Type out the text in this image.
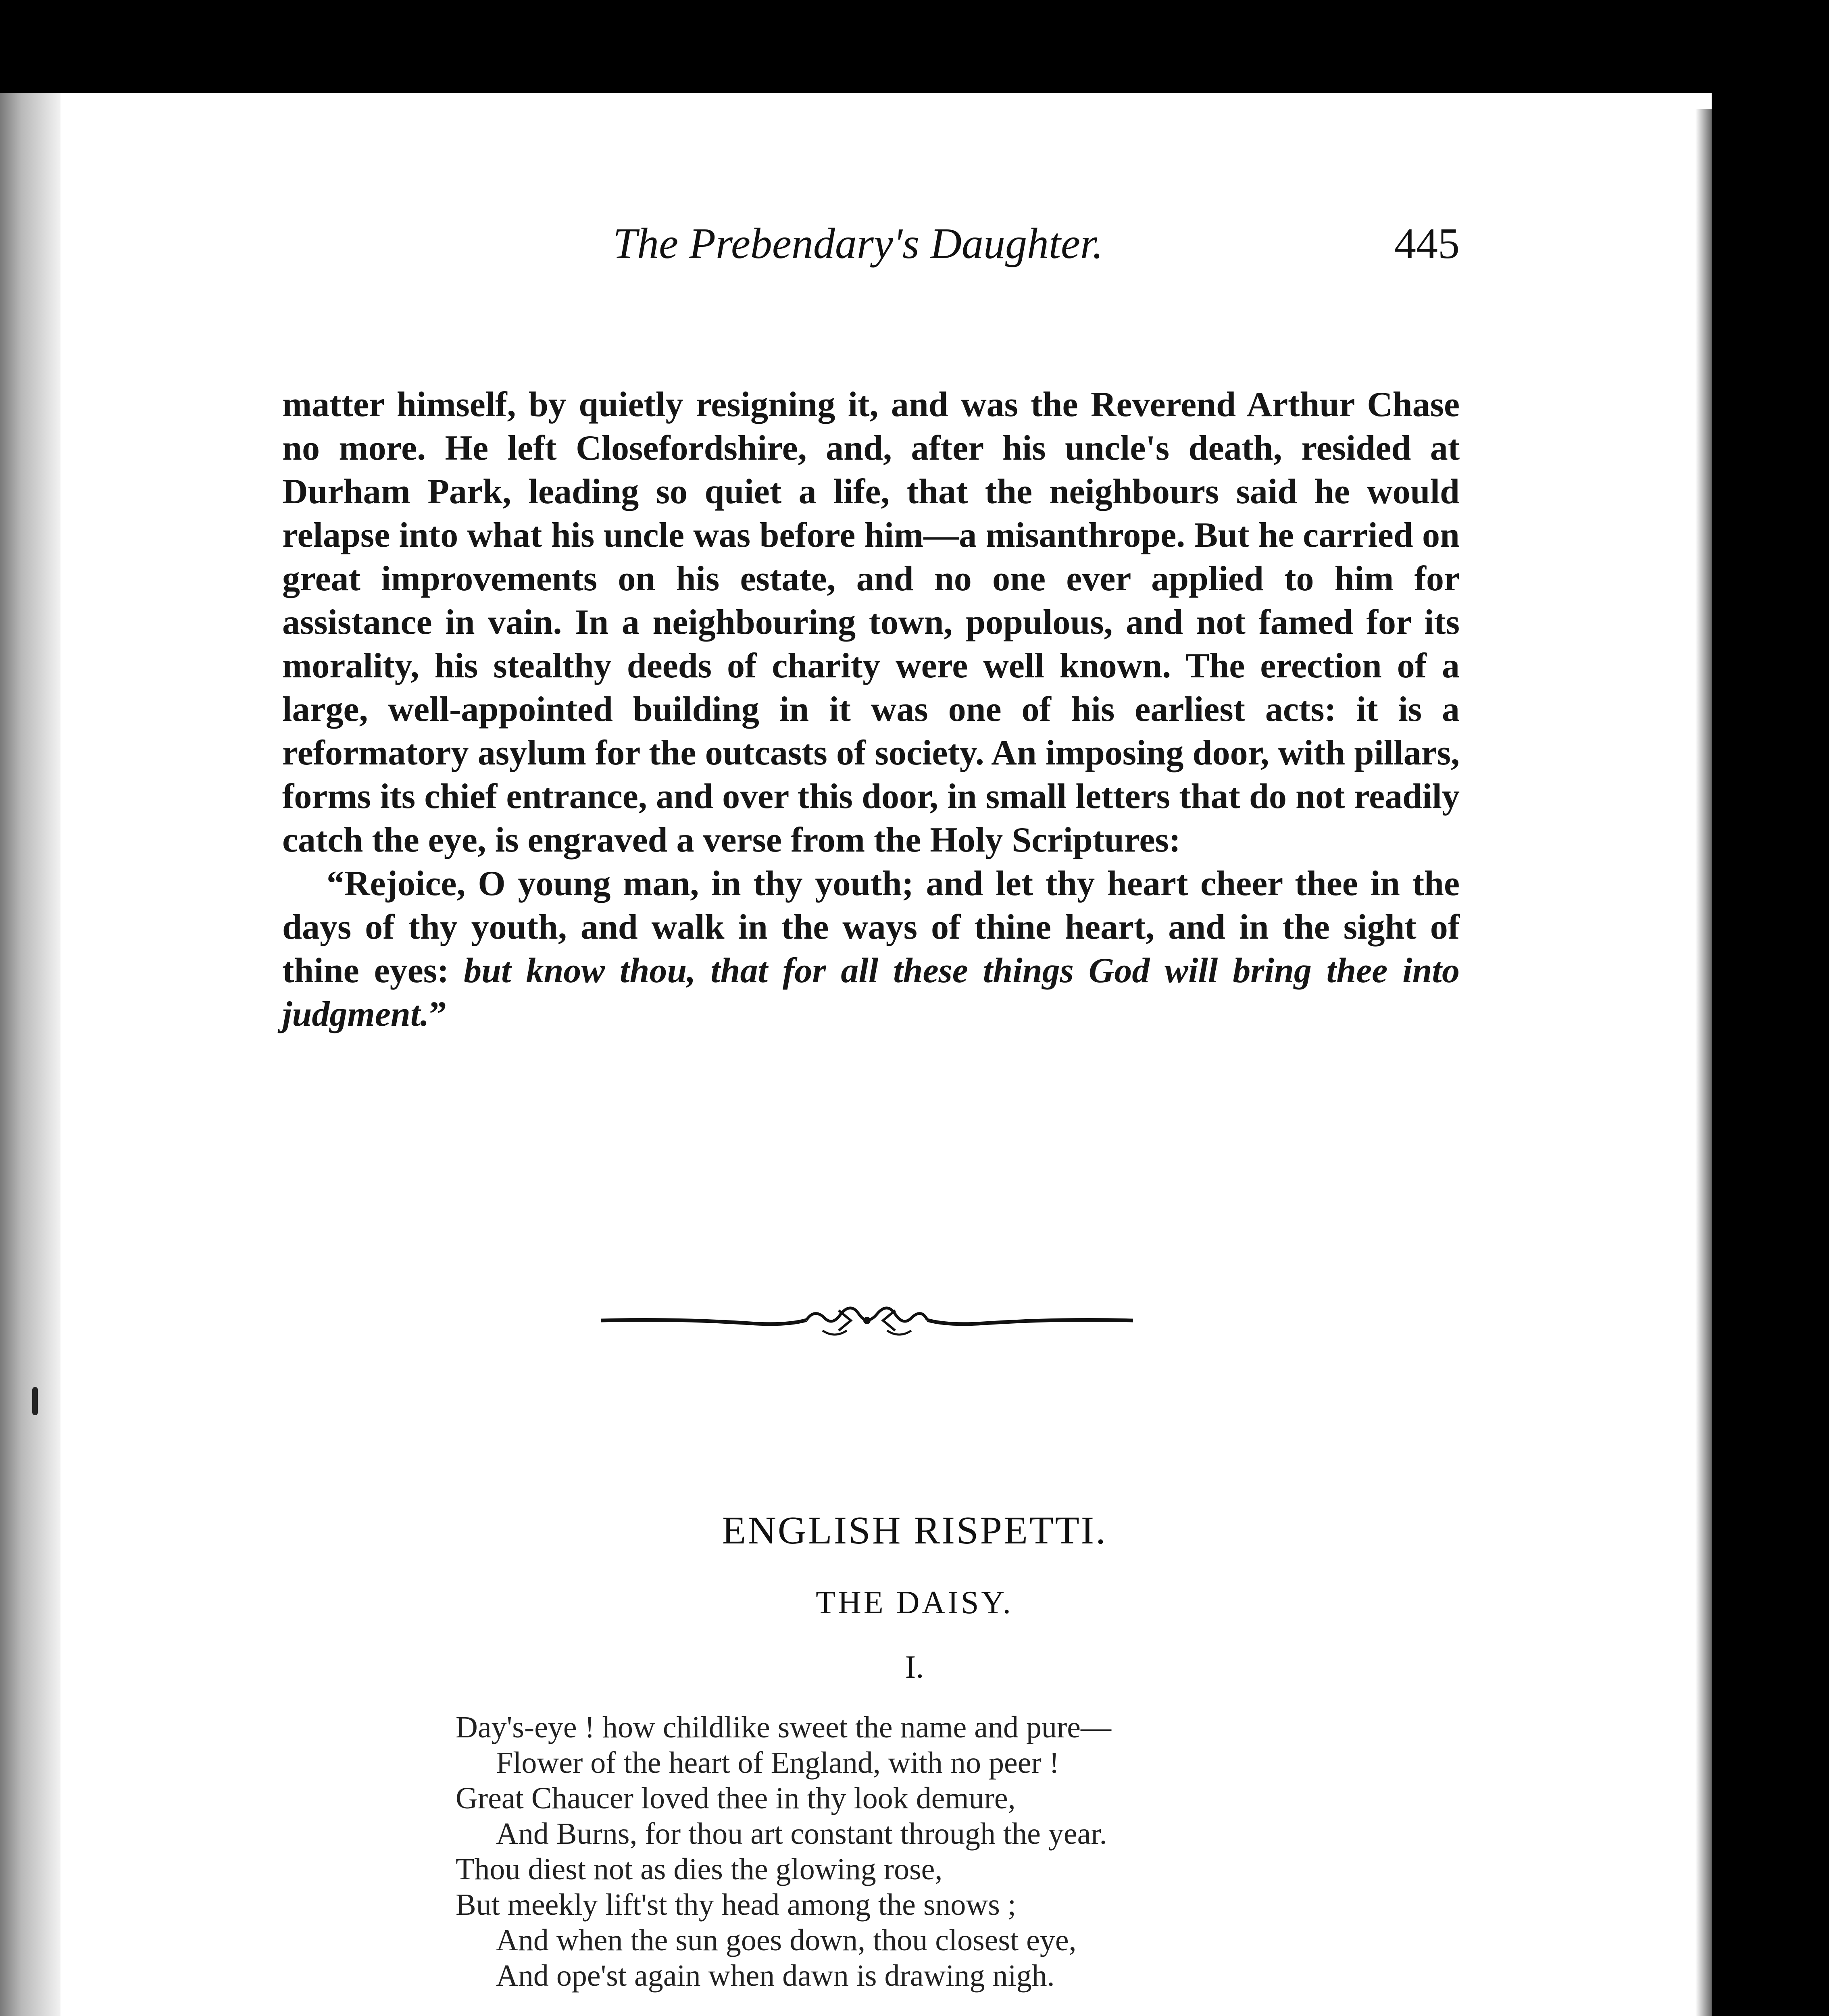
The Prebendary's Daughter.	445

matter himself, by quietly resigning it, and was the Reverend Arthur Chase no more. He left Closefordshire, and, after his uncle's death, resided at Durham Park, leading so quiet a life, that the neighbours said he would relapse into what his uncle was before him—a misanthrope. But he carried on great improvements on his estate, and no one ever applied to him for assistance in vain. In a neighbouring town, populous, and not famed for its morality, his stealthy deeds of charity were well known. The erection of a large, well-appointed building in it was one of his earliest acts: it is a reformatory asylum for the outcasts of society. An imposing door, with pillars, forms its chief entrance, and over this door, in small letters that do not readily catch the eye, is engraved a verse from the Holy Scriptures:

“Rejoice, O young man, in thy youth; and let thy heart cheer thee in the days of thy youth, and walk in the ways of thine heart, and in the sight of thine eyes: but know thou, that for all these things God will bring thee into judgment.”

ENGLISH RISPETTI.
THE DAISY.
I.
Day's-eye ! how childlike sweet the name and pure—
Flower of the heart of England, with no peer !
Great Chaucer loved thee in thy look demure,
And Burns, for thou art constant through the year.
Thou diest not as dies the glowing rose,
But meekly lift'st thy head among the snows ;
And when the sun goes down, thou closest eye,
And ope'st again when dawn is drawing nigh.
